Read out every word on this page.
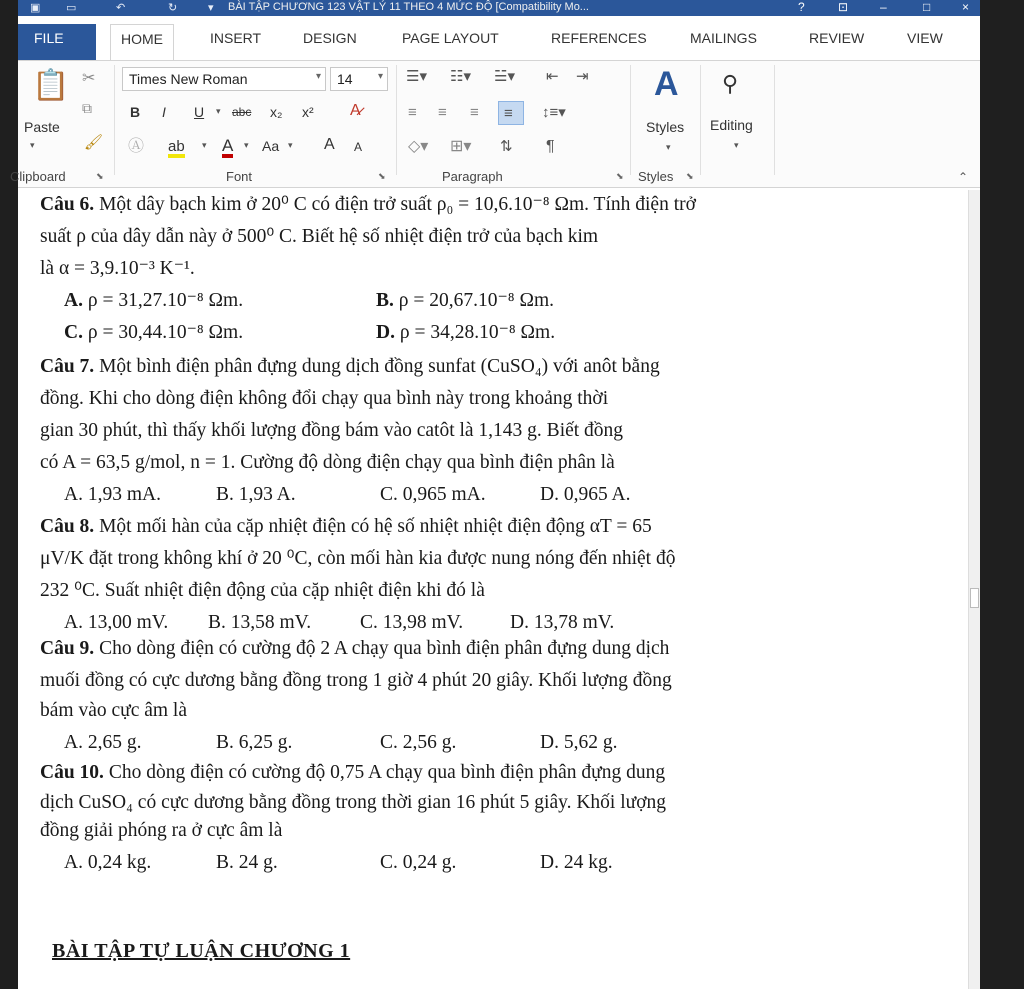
▣ ▭	↶	↻	▾ BÀI TẬP CHƯƠNG 123 VẬT LÝ 11 THEO 4 MỨC ĐỘ [Compatibility Mo...	?	⊡	–	□	×
FILE	HOME	INSERT	DESIGN	PAGE LAYOUT	REFERENCES	MAILINGS	REVIEW	VIEW
📋
Paste
▾
✂
⧉
🖌
Clipboard	⬊
Times New Roman	▾	14	▾
B I U ▾ abc x₂ x² A̷
Ⓐ ab ▾ A ▾ Aa ▾ A A
Font	⬊
☰▾ ☷▾ ☱▾ ⇤ ⇥
≡ ≡ ≡	≡	↕≡▾
◇▾ ⊞▾ ⇅ ¶
Paragraph	⬊
A
Styles
▾
Styles ⬊
⚲
Editing
▾
⌃
Câu 6. Một dây bạch kim ở 20⁰ C có điện trở suất ρ₀ = 10,6.10⁻⁸ Ωm. Tính điện trở
suất ρ của dây dẫn này ở 500⁰ C. Biết hệ số nhiệt điện trở của bạch kim
là α = 3,9.10⁻³ K⁻¹.
A. ρ = 31,27.10⁻⁸ Ωm.	B. ρ = 20,67.10⁻⁸ Ωm.
C. ρ = 30,44.10⁻⁸ Ωm.	D. ρ = 34,28.10⁻⁸ Ωm.
Câu 7. Một bình điện phân đựng dung dịch đồng sunfat (CuSO₄) với anôt bằng
đồng. Khi cho dòng điện không đổi chạy qua bình này trong khoảng thời
gian 30 phút, thì thấy khối lượng đồng bám vào catôt là 1,143 g. Biết đồng
có A = 63,5 g/mol, n = 1. Cường độ dòng điện chạy qua bình điện phân là
A. 1,93 mA.	B. 1,93 A.	C. 0,965 mA.	D. 0,965 A.
Câu 8. Một mối hàn của cặp nhiệt điện có hệ số nhiệt nhiệt điện động αT = 65
μV/K đặt trong không khí ở 20 ⁰C, còn mối hàn kia được nung nóng đến nhiệt độ
232 ⁰C. Suất nhiệt điện động của cặp nhiệt điện khi đó là
A. 13,00 mV. B. 13,58 mV.	C. 13,98 mV. D. 13,78 mV.
Câu 9. Cho dòng điện có cường độ 2 A chạy qua bình điện phân đựng dung dịch
muối đồng có cực dương bằng đồng trong 1 giờ 4 phút 20 giây. Khối lượng đồng
bám vào cực âm là
A. 2,65 g.	B. 6,25 g.	C. 2,56 g.	D. 5,62 g.
Câu 10. Cho dòng điện có cường độ 0,75 A chạy qua bình điện phân đựng dung
dịch CuSO₄ có cực dương bằng đồng trong thời gian 16 phút 5 giây. Khối lượng
đồng giải phóng ra ở cực âm là
A. 0,24 kg.	B. 24 g.	C. 0,24 g.	D. 24 kg.
BÀI TẬP TỰ LUẬN CHƯƠNG 1
